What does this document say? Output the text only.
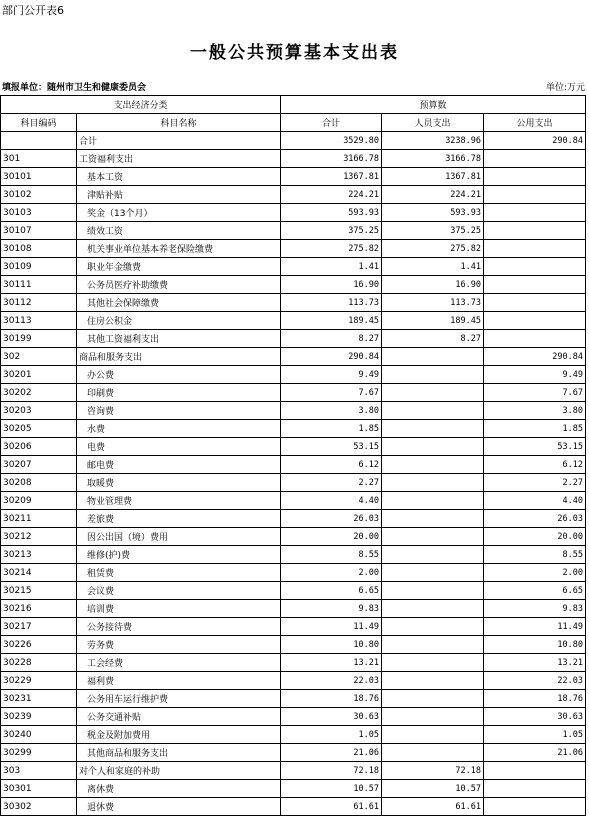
部门公开表6
一般公共预算基本支出表
填报单位：随州市卫生和健康委员会	单位:万元
支出经济分类		预算数		
科目编码	科目名称	合计	人员支出	公用支出
	合计	3529.80	3238.96	290.84
301	工资福利支出	3166.78	3166.78	
30101	基本工资	1367.81	1367.81	
30102	津贴补贴	224.21	224.21	
30103	奖金（13个月）	593.93	593.93	
30107	绩效工资	375.25	375.25	
30108	机关事业单位基本养老保险缴费	275.82	275.82	
30109	职业年金缴费	1.41	1.41	
30111	公务员医疗补助缴费	16.90	16.90	
30112	其他社会保障缴费	113.73	113.73	
30113	住房公积金	189.45	189.45	
30199	其他工资福利支出	8.27	8.27	
302	商品和服务支出	290.84		290.84
30201	办公费	9.49		9.49
30202	印刷费	7.67		7.67
30203	咨询费	3.80		3.80
30205	水费	1.85		1.85
30206	电费	53.15		53.15
30207	邮电费	6.12		6.12
30208	取暖费	2.27		2.27
30209	物业管理费	4.40		4.40
30211	差旅费	26.03		26.03
30212	因公出国（境）费用	20.00		20.00
30213	维修(护)费	8.55		8.55
30214	租赁费	2.00		2.00
30215	会议费	6.65		6.65
30216	培训费	9.83		9.83
30217	公务接待费	11.49		11.49
30226	劳务费	10.80		10.80
30228	工会经费	13.21		13.21
30229	福利费	22.03		22.03
30231	公务用车运行维护费	18.76		18.76
30239	公务交通补贴	30.63		30.63
30240	税金及附加费用	1.05		1.05
30299	其他商品和服务支出	21.06		21.06
303	对个人和家庭的补助	72.18	72.18	
30301	离休费	10.57	10.57	
30302	退休费	61.61	61.61	
